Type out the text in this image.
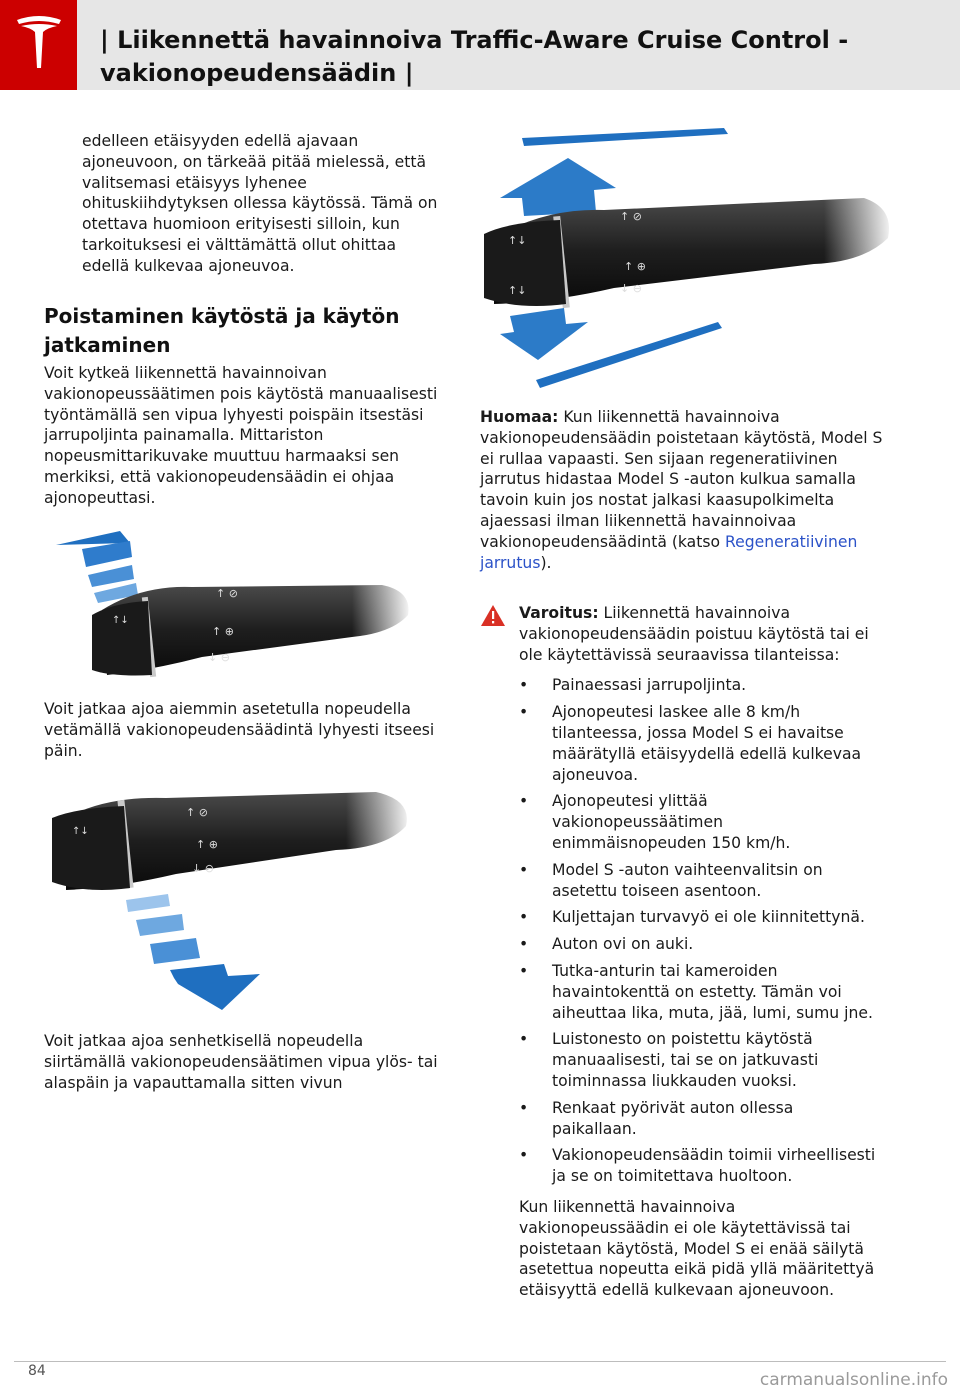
| Liikennettä havainnoiva Traffic-Aware Cruise Control -
vakionopeudensäädin |

edelleen etäisyyden edellä ajavaan ajoneuvoon, on tärkeää pitää mielessä, että valitsemasi etäisyys lyhenee ohituskiihdytyksen ollessa käytössä. Tämä on otettava huomioon erityisesti silloin, kun tarkoituksesi ei välttämättä ollut ohittaa edellä kulkevaa ajoneuvoa.

Poistaminen käytöstä ja käytön jatkaminen

Voit kytkeä liikennettä havainnoivan vakionopeussäätimen pois käytöstä manuaalisesti työntämällä sen vipua lyhyesti poispäin itsestäsi jarrupoljinta painamalla. Mittariston nopeusmittarikuvake muuttuu harmaaksi sen merkiksi, että vakionopeudensäädin ei ohjaa ajonopeuttasi.

↑↓
↑ ⊘
↑ ⊕
↓ ⊖

Voit jatkaa ajoa aiemmin asetetulla nopeudella vetämällä vakionopeudensäädintä lyhyesti itseesi päin.

↑↓
↑ ⊘
↑ ⊕
↓ ⊖

Voit jatkaa ajoa senhetkisellä nopeudella siirtämällä vakionopeudensäätimen vipua ylös- tai alaspäin ja vapauttamalla sitten vivun

↑↓
↑↓
↑ ⊘
↑ ⊕
↓ ⊖

Huomaa: Kun liikennettä havainnoiva vakionopeudensäädin poistetaan käytöstä, Model S ei rullaa vapaasti. Sen sijaan regeneratiivinen jarrutus hidastaa Model S -auton kulkua samalla tavoin kuin jos nostat jalkasi kaasupolkimelta ajaessasi ilman liikennettä havainnoivaa vakionopeudensäädintä (katso Regeneratiivinen jarrutus).

Varoitus: Liikennettä havainnoiva vakionopeudensäädin poistuu käytöstä tai ei ole käytettävissä seuraavissa tilanteissa:

• Painaessasi jarrupoljinta.
• Ajonopeutesi laskee alle 8 km/h tilanteessa, jossa Model S ei havaitse määrätyllä etäisyydellä edellä kulkevaa ajoneuvoa.
• Ajonopeutesi ylittää vakionopeussäätimen enimmäisnopeuden 150 km/h.
• Model S -auton vaihteenvalitsin on asetettu toiseen asentoon.
• Kuljettajan turvavyö ei ole kiinnitettynä.
• Auton ovi on auki.
• Tutka-anturin tai kameroiden havaintokenttä on estetty. Tämän voi aiheuttaa lika, muta, jää, lumi, sumu jne.
• Luistonesto on poistettu käytöstä manuaalisesti, tai se on jatkuvasti toiminnassa liukkauden vuoksi.
• Renkaat pyörivät auton ollessa paikallaan.
• Vakionopeudensäädin toimii virheellisesti ja se on toimitettava huoltoon.

Kun liikennettä havainnoiva vakionopeussäädin ei ole käytettävissä tai poistetaan käytöstä, Model S ei enää säilytä asetettua nopeutta eikä pidä yllä määritettyä etäisyyttä edellä kulkevaan ajoneuvoon.

84	carmanualsonline.info
